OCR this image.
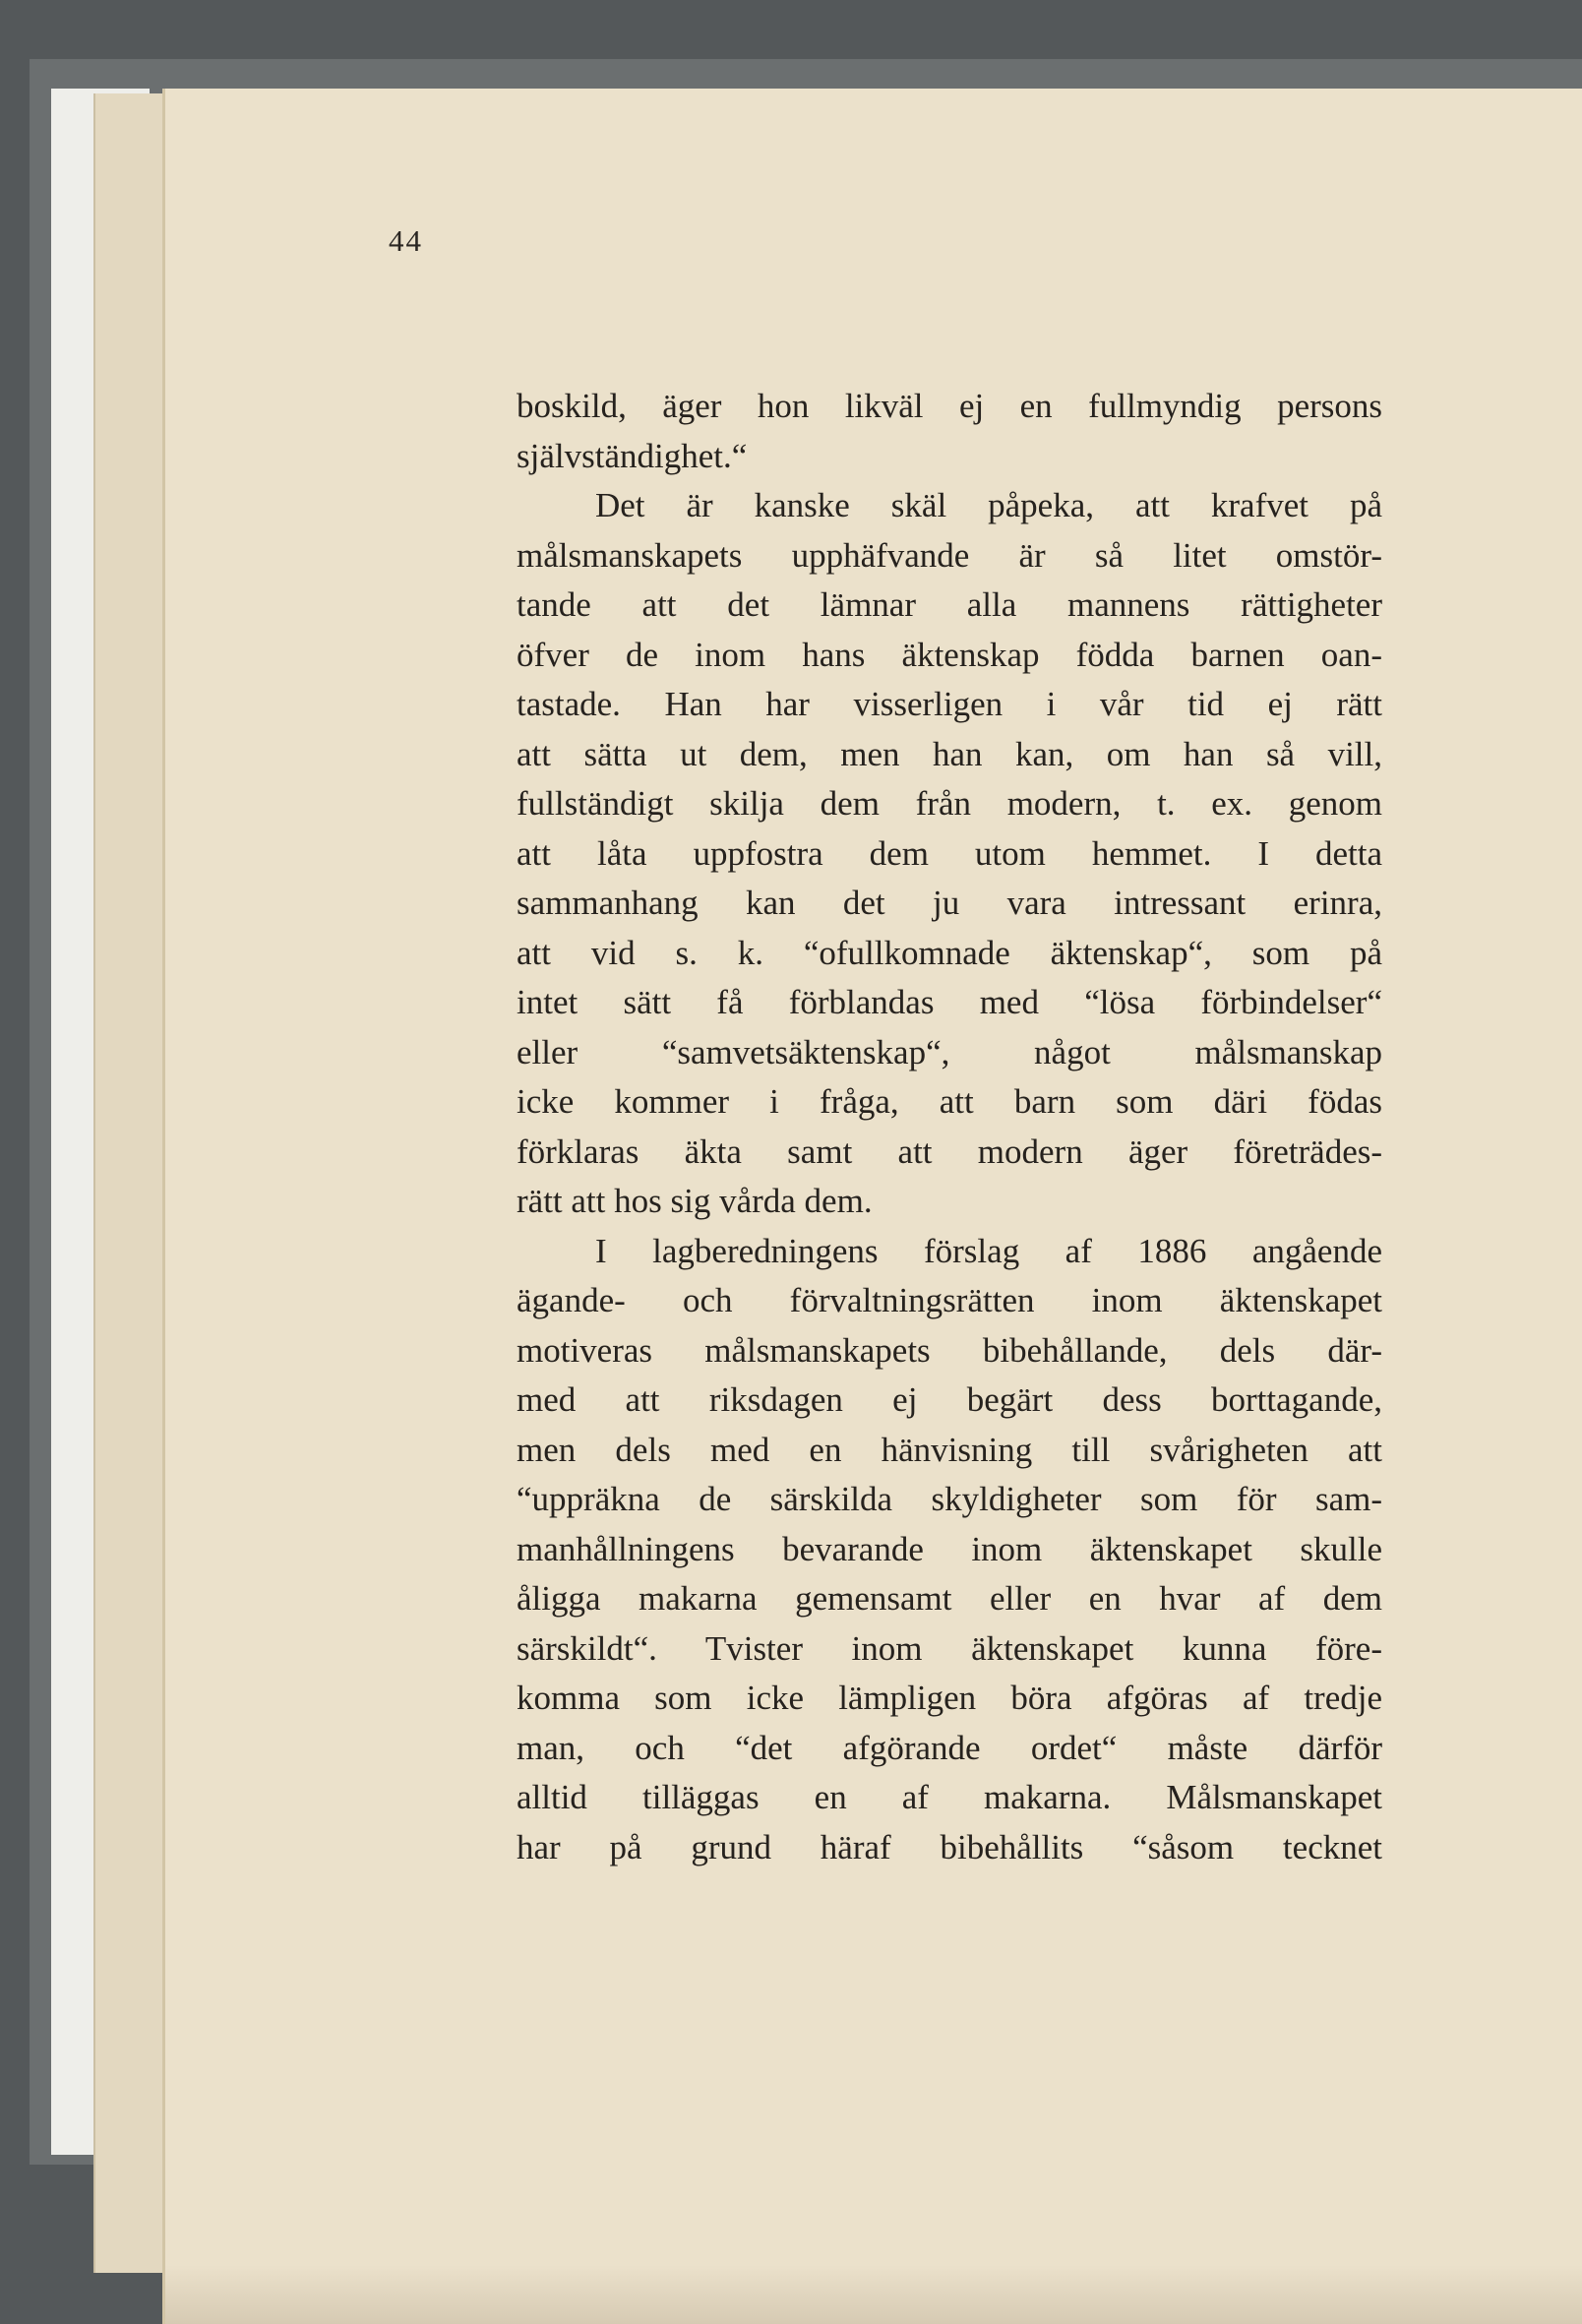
44
boskild, äger hon likväl ej en fullmyndig persons
självständighet.“
Det är kanske skäl påpeka, att krafvet på
målsmanskapets upphäfvande är så litet omstör-
tande att det lämnar alla mannens rättigheter
öfver de inom hans äktenskap födda barnen oan-
tastade. Han har visserligen i vår tid ej rätt
att sätta ut dem, men han kan, om han så vill,
fullständigt skilja dem från modern, t. ex. genom
att låta uppfostra dem utom hemmet. I detta
sammanhang kan det ju vara intressant erinra,
att vid s. k. “ofullkomnade äktenskap“, som på
intet sätt få förblandas med “lösa förbindelser“
eller “samvetsäktenskap“, något målsmanskap
icke kommer i fråga, att barn som däri födas
förklaras äkta samt att modern äger företrädes-
rätt att hos sig vårda dem.
I lagberedningens förslag af 1886 angående
ägande- och förvaltningsrätten inom äktenskapet
motiveras målsmanskapets bibehållande, dels där-
med att riksdagen ej begärt dess borttagande,
men dels med en hänvisning till svårigheten att
“uppräkna de särskilda skyldigheter som för sam-
manhållningens bevarande inom äktenskapet skulle
åligga makarna gemensamt eller en hvar af dem
särskildt“. Tvister inom äktenskapet kunna före-
komma som icke lämpligen böra afgöras af tredje
man, och “det afgörande ordet“ måste därför
alltid tilläggas en af makarna. Målsmanskapet
har på grund häraf bibehållits “såsom tecknet
